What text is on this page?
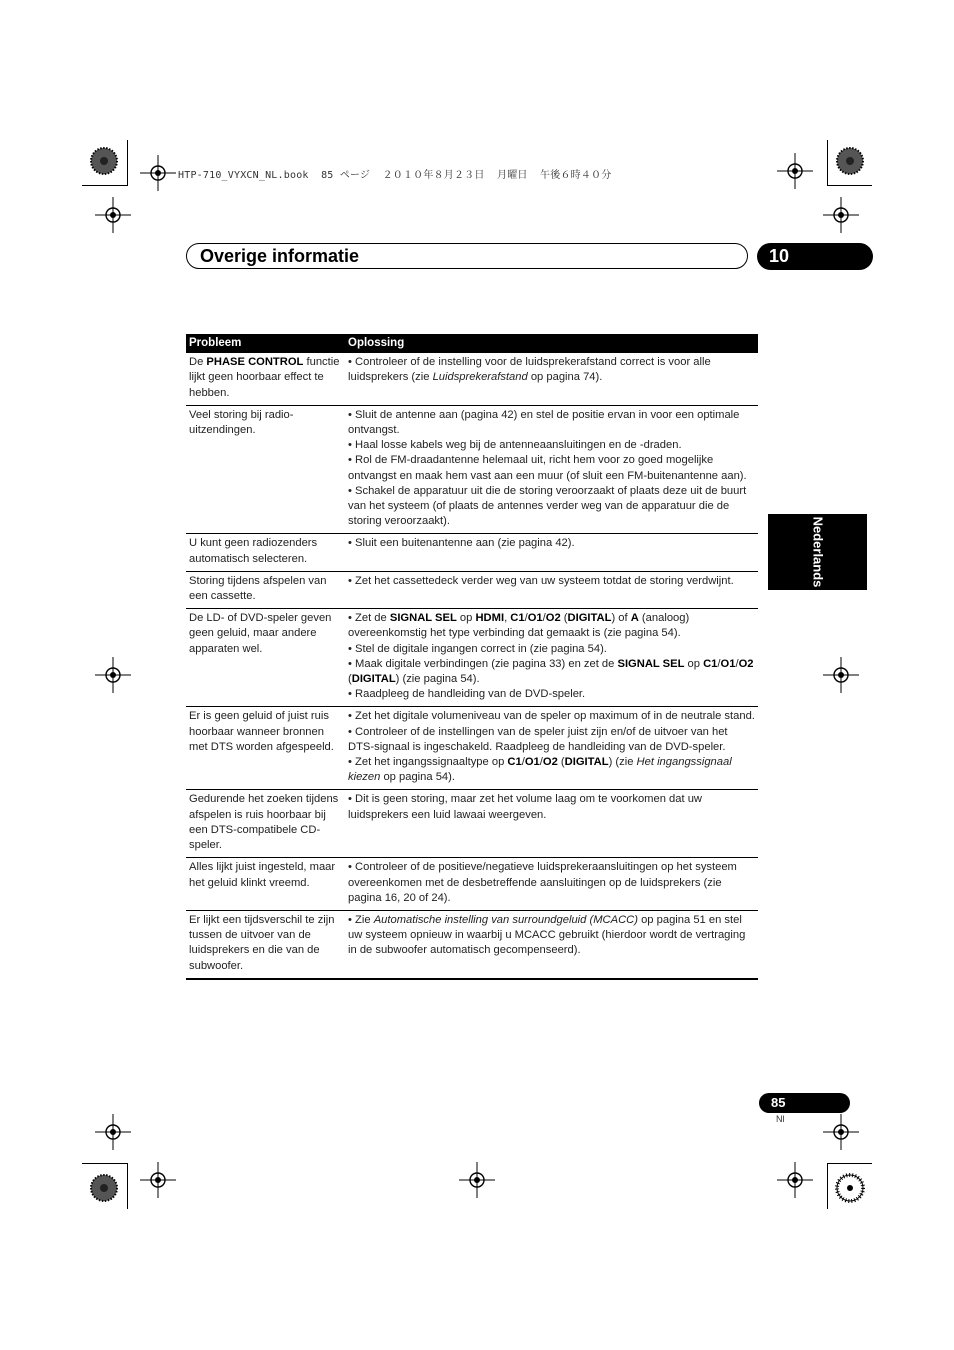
HTP-710_VYXCN_NL.book  85 ページ  ２０１０年８月２３日  月曜日  午後６時４０分
Overige informatie	10
Nederlands
Probleem	Oplossing
De PHASE CONTROL functie lijkt geen hoorbaar effect te hebben.	• Controleer of de instelling voor de luidsprekerafstand correct is voor alle luidsprekers (zie Luidsprekerafstand op pagina 74).

Veel storing bij radio-uitzendingen.	• Sluit de antenne aan (pagina 42) en stel de positie ervan in voor een optimale ontvangst.
• Haal losse kabels weg bij de antenneaansluitingen en de -draden.
• Rol de FM-draadantenne helemaal uit, richt hem voor zo goed mogelijke ontvangst en maak hem vast aan een muur (of sluit een FM-buitenantenne aan).
• Schakel de apparatuur uit die de storing veroorzaakt of plaats deze uit de buurt van het systeem (of plaats de antennes verder weg van de apparatuur die de storing veroorzaakt).

U kunt geen radiozenders automatisch selecteren.	• Sluit een buitenantenne aan (zie pagina 42).

Storing tijdens afspelen van een cassette.	• Zet het cassettedeck verder weg van uw systeem totdat de storing verdwijnt.

De LD- of DVD-speler geven geen geluid, maar andere apparaten wel.	• Zet de SIGNAL SEL op HDMI, C1/O1/O2 (DIGITAL) of A (analoog) overeenkomstig het type verbinding dat gemaakt is (zie pagina 54).
• Stel de digitale ingangen correct in (zie pagina 54).
• Maak digitale verbindingen (zie pagina 33) en zet de SIGNAL SEL op C1/O1/O2 (DIGITAL) (zie pagina 54).
• Raadpleeg de handleiding van de DVD-speler.

Er is geen geluid of juist ruis hoorbaar wanneer bronnen met DTS worden afgespeeld.	• Zet het digitale volumeniveau van de speler op maximum of in de neutrale stand.
• Controleer of de instellingen van de speler juist zijn en/of de uitvoer van het DTS-signaal is ingeschakeld. Raadpleeg de handleiding van de DVD-speler.
• Zet het ingangssignaaltype op C1/O1/O2 (DIGITAL) (zie Het ingangssignaal kiezen op pagina 54).

Gedurende het zoeken tijdens afspelen is ruis hoorbaar bij een DTS-compatibele CD-speler.	• Dit is geen storing, maar zet het volume laag om te voorkomen dat uw luidsprekers een luid lawaai weergeven.

Alles lijkt juist ingesteld, maar het geluid klinkt vreemd.	• Controleer of de positieve/negatieve luidsprekeraansluitingen op het systeem overeenkomen met de desbetreffende aansluitingen op de luidsprekers (zie pagina 16, 20 of 24).

Er lijkt een tijdsverschil te zijn tussen de uitvoer van de luidsprekers en die van de subwoofer.	• Zie Automatische instelling van surroundgeluid (MCACC) op pagina 51 en stel uw systeem opnieuw in waarbij u MCACC gebruikt (hierdoor wordt de vertraging in de subwoofer automatisch gecompenseerd).
85
Nl
